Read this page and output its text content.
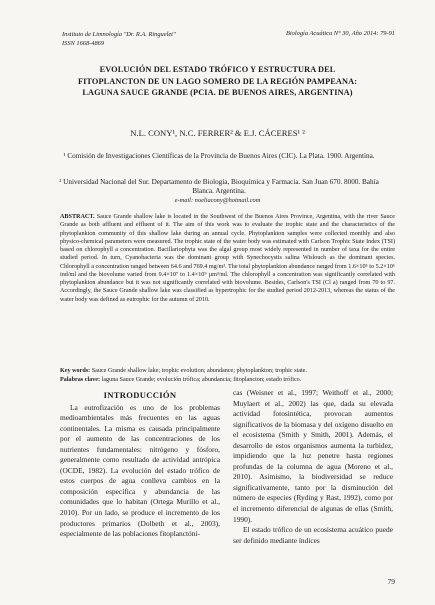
Instituto de Limnología "Dr. R.A. Ringuelet"
ISSN 1668-4869
Biología Acuática N° 30, Año 2014: 79-91
EVOLUCIÓN DEL ESTADO TRÓFICO Y ESTRUCTURA DEL
FITOPLANCTON DE UN LAGO SOMERO DE LA REGIÓN PAMPEANA:
LAGUNA SAUCE GRANDE (PCIA. DE BUENOS AIRES, ARGENTINA)
N.L. CONY¹, N.C. FERRER² & E.J. CÁCERES¹ ²
¹ Comisión de Investigaciones Científicas de la Provincia de Buenos Aires (CIC). La Plata. 1900. Argentina.
² Universidad Nacional del Sur. Departamento de Biología, Bioquímica y Farmacia. San Juan 670. 8000. Bahía Blanca. Argentina.
e-mail: noeliacony@hotmail.com
ABSTRACT. Sauce Grande shallow lake is located in the Southwest of the Buenos Aires Province, Argentina, with the river Sauce Grande as both affluent and effluent of it. The aim of this work was to evaluate the trophic state and the characteristics of the phytoplankton community of this shallow lake during an annual cycle. Phytoplankton samples were collected monthly and also physico-chemical parameters were measured. The trophic state of the water body was estimated with Carlson Trophic State Index (TSI) based on chlorophyll a concentration. Bacillariophyta was the algal group most widely represented in number of taxa for the entire studied period. In turn, Cyanobacteria was the dominant group with Synechocystis salina Wislouch as the dominant species. Chlorophyll a concentration ranged between 64.6 and 769.4 mg/m³. The total phytoplankton abundance ranged from 1.6×10⁵ to 5.2×10⁶ ind/ml and the biovolume varied from 9.4×10⁷ to 1.4×10⁹ µm³/ml. The chlorophyll a concentration was significantly correlated with phytoplankton abundance but it was not significantly correlated with biovolume. Besides, Carlson's TSI (Cl a) ranged from 70 to 97. Accordingly, the Sauce Grande shallow lake was classified as hypertrophic for the studied period 2012-2013, whereas the status of the water body was defined as eutrophic for the autumn of 2010.
Key words: Sauce Grande shallow lake; trophic evolution; abundance; phytoplankton; trophic state.
Palabras clave: laguna Sauce Grande; evolución trófica; abundancia; fitoplancton; estado trófico.
INTRODUCCIÓN

La eutrofización es uno de los problemas medioambientales más frecuentes en las aguas continentales. La misma es causada principalmente por el aumento de las concentraciones de los nutrientes fundamentales: nitrógeno y fósforo, generalmente como resultado de actividad antrópica (OCDE, 1982). La evolución del estado trófico de estos cuerpos de agua conlleva cambios en la composición específica y abundancia de las comunidades que lo habitan (Ortega Murillo et al., 2010). Por un lado, se produce el incremento de los productores primarios (Dolbeth et al., 2003), especialmente de las poblaciones fitoplanctóni-

cas (Weisner et al., 1997; Weithoff et al., 2000; Muylaert et al., 2002) las que, dada su elevada actividad fotosintética, provocan aumentos significativos de la biomasa y del oxígeno disuelto en el ecosistema (Smith y Smith, 2001). Además, el desarrollo de estos organismos aumenta la turbidez, impidiendo que la luz penetre hasta regiones profundas de la columna de agua (Moreno et al., 2010). Asimismo, la biodiversidad se reduce significativamente, tanto por la disminución del número de especies (Ryding y Rast, 1992), como por el incremento diferencial de algunas de ellas (Smith, 1990).

El estado trófico de un ecosistema acuático puede ser definido mediante índices

79
